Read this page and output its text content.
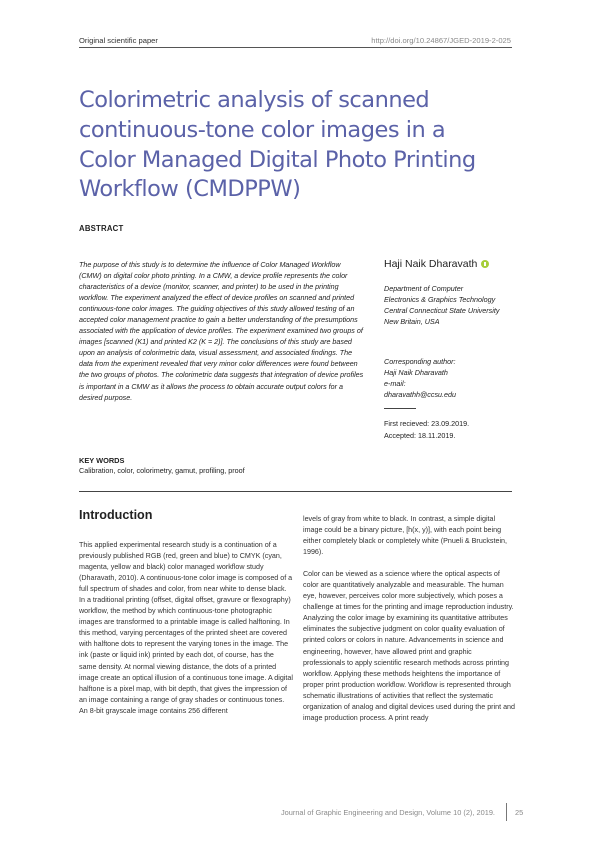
Original scientific paper	http://doi.org/10.24867/JGED-2019-2-025
Colorimetric analysis of scanned continuous-tone color images in a Color Managed Digital Photo Printing Workflow (CMDPPW)
ABSTRACT

The purpose of this study is to determine the influence of Color Managed Workflow (CMW) on digital color photo printing. In a CMW, a device profile represents the color characteristics of a device (monitor, scanner, and printer) to be used in the printing workflow. The experiment analyzed the effect of device profiles on scanned and printed continuous-tone color images. The guiding objectives of this study allowed testing of an accepted color management practice to gain a better understanding of the presumptions associated with the application of device profiles. The experiment examined two groups of images [scanned (K1) and printed K2 (K = 2)]. The conclusions of this study are based upon an analysis of colorimetric data, visual assessment, and associated findings. The data from the experiment revealed that very minor color differences were found between the two groups of photos. The colorimetric data suggests that integration of device profiles is important in a CMW as it allows the process to obtain accurate output colors for a desired purpose.

Haji Naik Dharavath
Department of Computer
Electronics & Graphics Technology
Central Connecticut State University
New Britain, USA
Corresponding author:
Haji Naik Dharavath
e-mail:
dharavathh@ccsu.edu
First recieved: 23.09.2019.
Accepted: 18.11.2019.
KEY WORDS
Calibration, color, colorimetry, gamut, profiling, proof
Introduction

This applied experimental research study is a continuation of a previously published RGB (red, green and blue) to CMYK (cyan, magenta, yellow and black) color managed workflow study (Dharavath, 2010). A continuous-tone color image is composed of a full spectrum of shades and color, from near white to dense black. In a traditional printing (offset, digital offset, gravure or flexography) workflow, the method by which continuous-tone photographic images are transformed to a printable image is called halftoning. In this method, varying percentages of the printed sheet are covered with halftone dots to represent the varying tones in the image. The ink (paste or liquid ink) printed by each dot, of course, has the same density. At normal viewing distance, the dots of a printed image create an optical illusion of a continuous tone image. A digital halftone is a pixel map, with bit depth, that gives the impression of an image containing a range of gray shades or continuous tones. An 8-bit grayscale image contains 256 different

levels of gray from white to black. In contrast, a simple digital image could be a binary picture, [h(x, y)], with each point being either completely black or completely white (Pnueli & Bruckstein, 1996).

Color can be viewed as a science where the optical aspects of color are quantitatively analyzable and measurable. The human eye, however, perceives color more subjectively, which poses a challenge at times for the printing and image reproduction industry. Analyzing the color image by examining its quantitative attributes eliminates the subjective judgment on color quality evaluation of printed colors or colors in nature. Advancements in science and engineering, however, have allowed print and graphic professionals to apply scientific research methods across printing workflow. Applying these methods heightens the importance of proper print production workflow. Workflow is represented through schematic illustrations of activities that reflect the systematic organization of analog and digital devices used during the print and image production process. A print ready

Journal of Graphic Engineering and Design, Volume 10 (2), 2019.	25
